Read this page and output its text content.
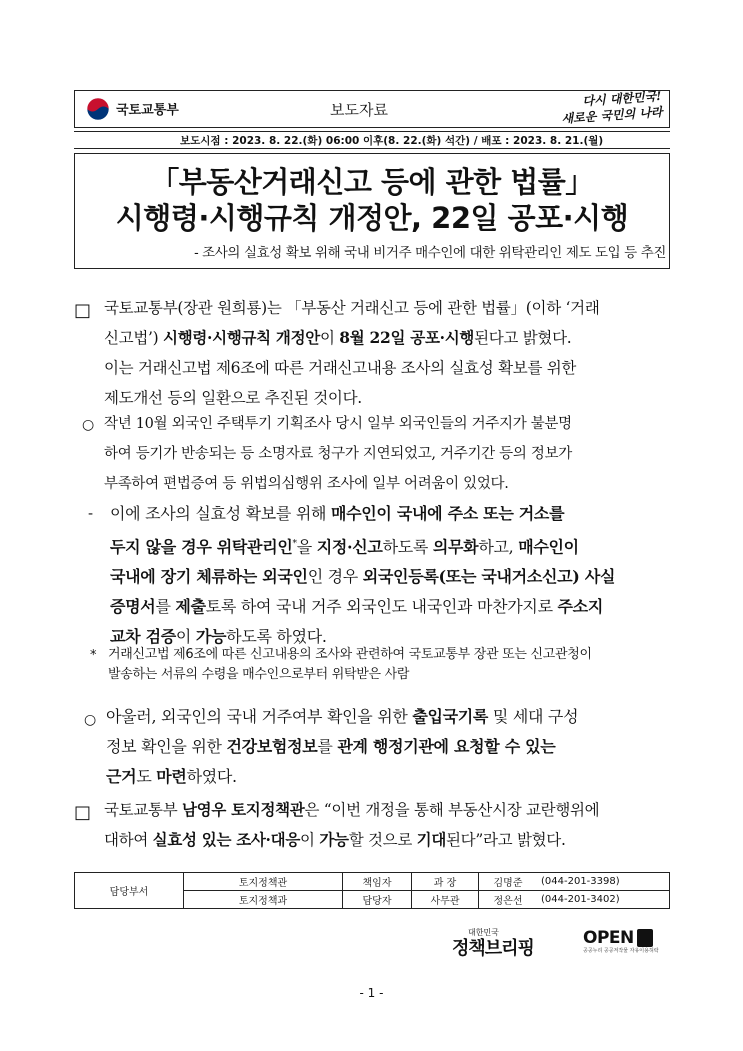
국토교통부	보도자료
다시 대한민국!
새로운 국민의 나라
보도시점 : 2023. 8. 22.(화) 06:00 이후(8. 22.(화) 석간) / 배포 : 2023. 8. 21.(월)
「부동산거래신고 등에 관한 법률」
시행령·시행규칙 개정안, 22일 공포·시행
- 조사의 실효성 확보 위해 국내 비거주 매수인에 대한 위탁관리인 제도 도입 등 추진
□ 국토교통부(장관 원희룡)는 「부동산 거래신고 등에 관한 법률」(이하 ‘거래
신고법’) 시행령·시행규칙 개정안이 8월 22일 공포·시행된다고 밝혔다.
이는 거래신고법 제6조에 따른 거래신고내용 조사의 실효성 확보를 위한
제도개선 등의 일환으로 추진된 것이다.
○ 작년 10월 외국인 주택투기 기획조사 당시 일부 외국인들의 거주지가 불분명
하여 등기가 반송되는 등 소명자료 청구가 지연되었고, 거주기간 등의 정보가
부족하여 편법증여 등 위법의심행위 조사에 일부 어려움이 있었다.
- 이에 조사의 실효성 확보를 위해 매수인이 국내에 주소 또는 거소를
두지 않을 경우 위탁관리인*을 지정·신고하도록 의무화하고, 매수인이
국내에 장기 체류하는 외국인인 경우 외국인등록(또는 국내거소신고) 사실
증명서를 제출토록 하여 국내 거주 외국인도 내국인과 마찬가지로 주소지
교차 검증이 가능하도록 하였다.
* 거래신고법 제6조에 따른 신고내용의 조사와 관련하여 국토교통부 장관 또는 신고관청이
발송하는 서류의 수령을 매수인으로부터 위탁받은 사람
○ 아울러, 외국인의 국내 거주여부 확인을 위한 출입국기록 및 세대 구성
정보 확인을 위한 건강보험정보를 관계 행정기관에 요청할 수 있는
근거도 마련하였다.
□ 국토교통부 남영우 토지정책관은 “이번 개정을 통해 부동산시장 교란행위에
대하여 실효성 있는 조사·대응이 가능할 것으로 기대된다”라고 밝혔다.
담당부서	토지정책관	책임자	과 장	김명준	(044-201-3398)
	토지정책과	담당자	사무관	정은선	(044-201-3402)
대한민국
정책브리핑	OPEN
공공누리 공공저작물 자유이용허락
- 1 -
